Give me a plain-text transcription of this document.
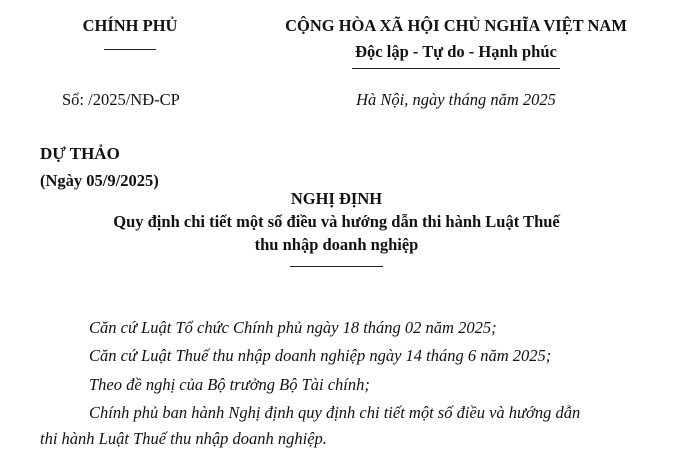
CHÍNH PHỦ	CỘNG HÒA XÃ HỘI CHỦ NGHĨA VIỆT NAM
Độc lập - Tự do - Hạnh phúc
Số: /2025/NĐ-CP	Hà Nội, ngày tháng năm 2025
DỰ THẢO
(Ngày 05/9/2025)
NGHỊ ĐỊNH
Quy định chi tiết một số điều và hướng dẫn thi hành Luật Thuế
thu nhập doanh nghiệp
Căn cứ Luật Tổ chức Chính phủ ngày 18 tháng 02 năm 2025;
Căn cứ Luật Thuế thu nhập doanh nghiệp ngày 14 tháng 6 năm 2025;
Theo đề nghị của Bộ trưởng Bộ Tài chính;
Chính phủ ban hành Nghị định quy định chi tiết một số điều và hướng dẫn
thi hành Luật Thuế thu nhập doanh nghiệp.
